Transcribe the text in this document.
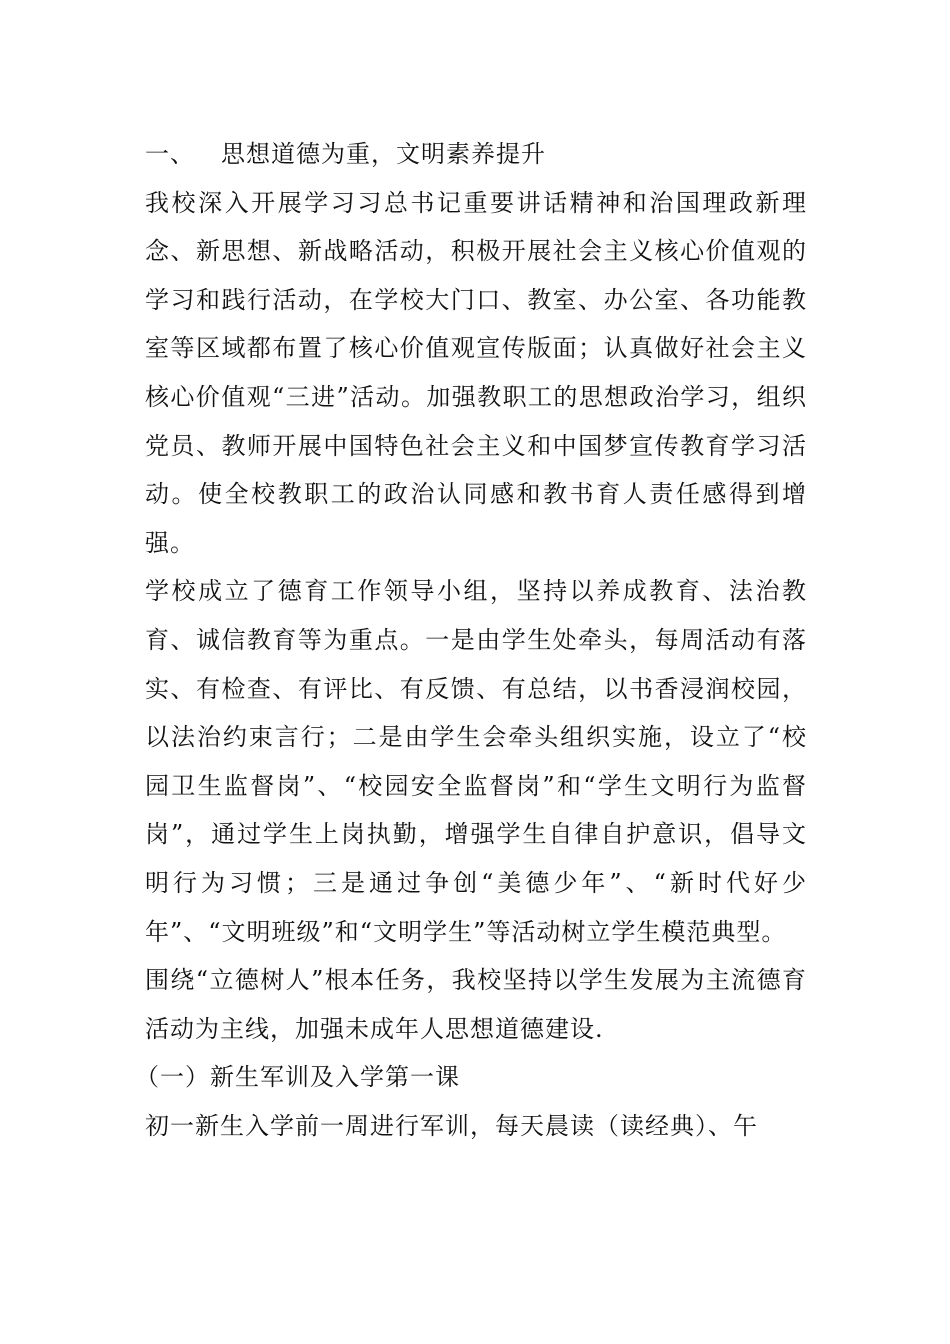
一、 思想道德为重，文明素养提升

我校深入开展学习习总书记重要讲话精神和治国理政新理念、新思想、新战略活动，积极开展社会主义核心价值观的学习和践行活动，在学校大门口、教室、办公室、各功能教室等区域都布置了核心价值观宣传版面；认真做好社会主义核心价值观“三进”活动。加强教职工的思想政治学习，组织党员、教师开展中国特色社会主义和中国梦宣传教育学习活动。使全校教职工的政治认同感和教书育人责任感得到增强。

学校成立了德育工作领导小组，坚持以养成教育、法治教育、诚信教育等为重点。一是由学生处牵头，每周活动有落实、有检查、有评比、有反馈、有总结，以书香浸润校园，以法治约束言行；二是由学生会牵头组织实施，设立了“校园卫生监督岗”、“校园安全监督岗”和“学生文明行为监督岗”，通过学生上岗执勤，增强学生自律自护意识，倡导文明行为习惯；三是通过争创“美德少年”、“新时代好少年”、“文明班级”和“文明学生”等活动树立学生模范典型。

围绕“立德树人”根本任务，我校坚持以学生发展为主流德育活动为主线，加强未成年人思想道德建设.

（一）新生军训及入学第一课

初一新生入学前一周进行军训，每天晨读（读经典）、午
